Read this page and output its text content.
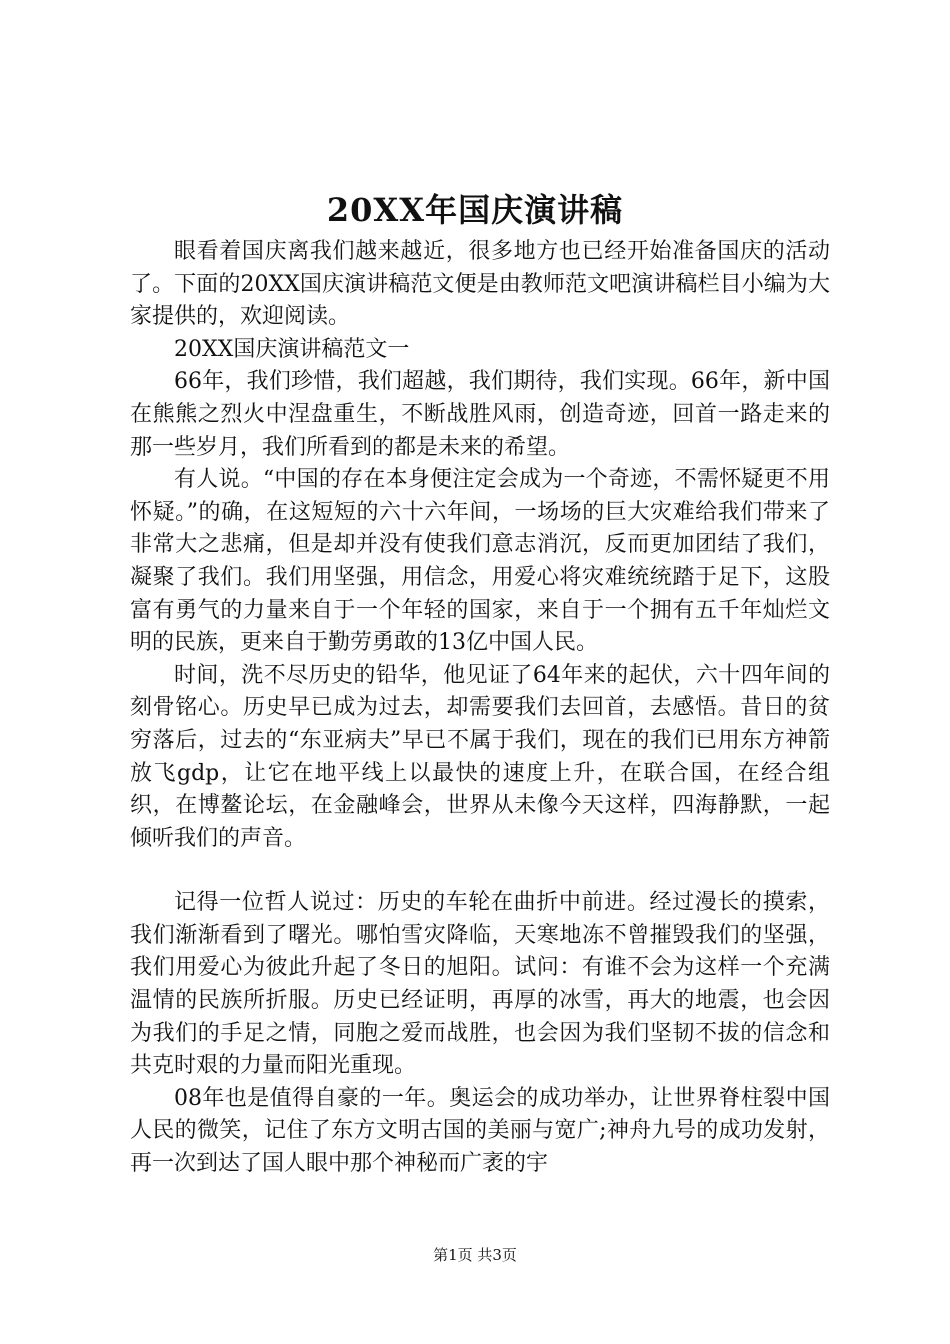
20XX年国庆演讲稿

眼看着国庆离我们越来越近，很多地方也已经开始准备国庆的活动了。下面的20XX国庆演讲稿范文便是由教师范文吧演讲稿栏目小编为大家提供的，欢迎阅读。

20XX国庆演讲稿范文一

66年，我们珍惜，我们超越，我们期待，我们实现。66年，新中国在熊熊之烈火中涅盘重生，不断战胜风雨，创造奇迹，回首一路走来的那一些岁月，我们所看到的都是未来的希望。

有人说。“中国的存在本身便注定会成为一个奇迹，不需怀疑更不用怀疑。”的确，在这短短的六十六年间，一场场的巨大灾难给我们带来了非常大之悲痛，但是却并没有使我们意志消沉，反而更加团结了我们，凝聚了我们。我们用坚强，用信念，用爱心将灾难统统踏于足下，这股富有勇气的力量来自于一个年轻的国家，来自于一个拥有五千年灿烂文明的民族，更来自于勤劳勇敢的13亿中国人民。

时间，洗不尽历史的铅华，他见证了64年来的起伏，六十四年间的刻骨铭心。历史早已成为过去，却需要我们去回首，去感悟。昔日的贫穷落后，过去的“东亚病夫”早已不属于我们，现在的我们已用东方神箭放飞gdp，让它在地平线上以最快的速度上升，在联合国，在经合组织，在博鳌论坛，在金融峰会，世界从未像今天这样，四海静默，一起倾听我们的声音。

记得一位哲人说过：历史的车轮在曲折中前进。经过漫长的摸索，我们渐渐看到了曙光。哪怕雪灾降临，天寒地冻不曾摧毁我们的坚强，我们用爱心为彼此升起了冬日的旭阳。试问：有谁不会为这样一个充满温情的民族所折服。历史已经证明，再厚的冰雪，再大的地震，也会因为我们的手足之情，同胞之爱而战胜，也会因为我们坚韧不拔的信念和共克时艰的力量而阳光重现。

08年也是值得自豪的一年。奥运会的成功举办，让世界脊柱裂中国人民的微笑，记住了东方文明古国的美丽与宽广;神舟九号的成功发射，再一次到达了国人眼中那个神秘而广袤的宇

第1页 共3页
